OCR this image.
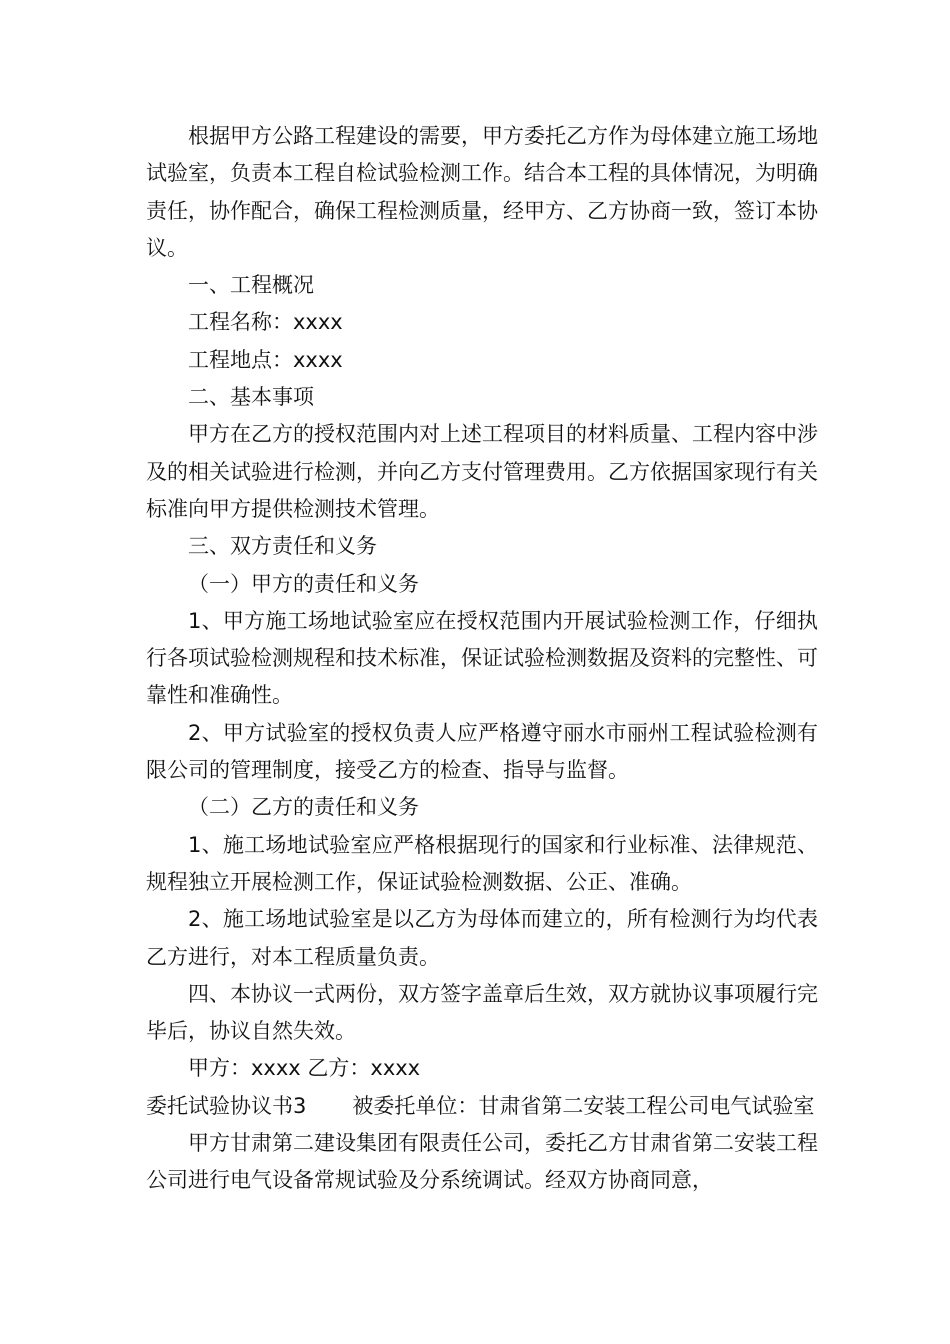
根据甲方公路工程建设的需要，甲方委托乙方作为母体建立施工场地试验室，负责本工程自检试验检测工作。结合本工程的具体情况，为明确责任，协作配合，确保工程检测质量，经甲方、乙方协商一致，签订本协议。

一、工程概况

工程名称：xxxx

工程地点：xxxx

二、基本事项

甲方在乙方的授权范围内对上述工程项目的材料质量、工程内容中涉及的相关试验进行检测，并向乙方支付管理费用。乙方依据国家现行有关标准向甲方提供检测技术管理。

三、双方责任和义务

（一）甲方的责任和义务

1、甲方施工场地试验室应在授权范围内开展试验检测工作，仔细执行各项试验检测规程和技术标准，保证试验检测数据及资料的完整性、可靠性和准确性。

2、甲方试验室的授权负责人应严格遵守丽水市丽州工程试验检测有限公司的管理制度，接受乙方的检查、指导与监督。

（二）乙方的责任和义务

1、施工场地试验室应严格根据现行的国家和行业标准、法律规范、规程独立开展检测工作，保证试验检测数据、公正、准确。

2、施工场地试验室是以乙方为母体而建立的，所有检测行为均代表乙方进行，对本工程质量负责。

四、本协议一式两份，双方签字盖章后生效，双方就协议事项履行完毕后，协议自然失效。

甲方：xxxx 乙方：xxxx

委托试验协议书3 被委托单位：甘肃省第二安装工程公司电气试验室

甲方甘肃第二建设集团有限责任公司，委托乙方甘肃省第二安装工程公司进行电气设备常规试验及分系统调试。经双方协商同意，
